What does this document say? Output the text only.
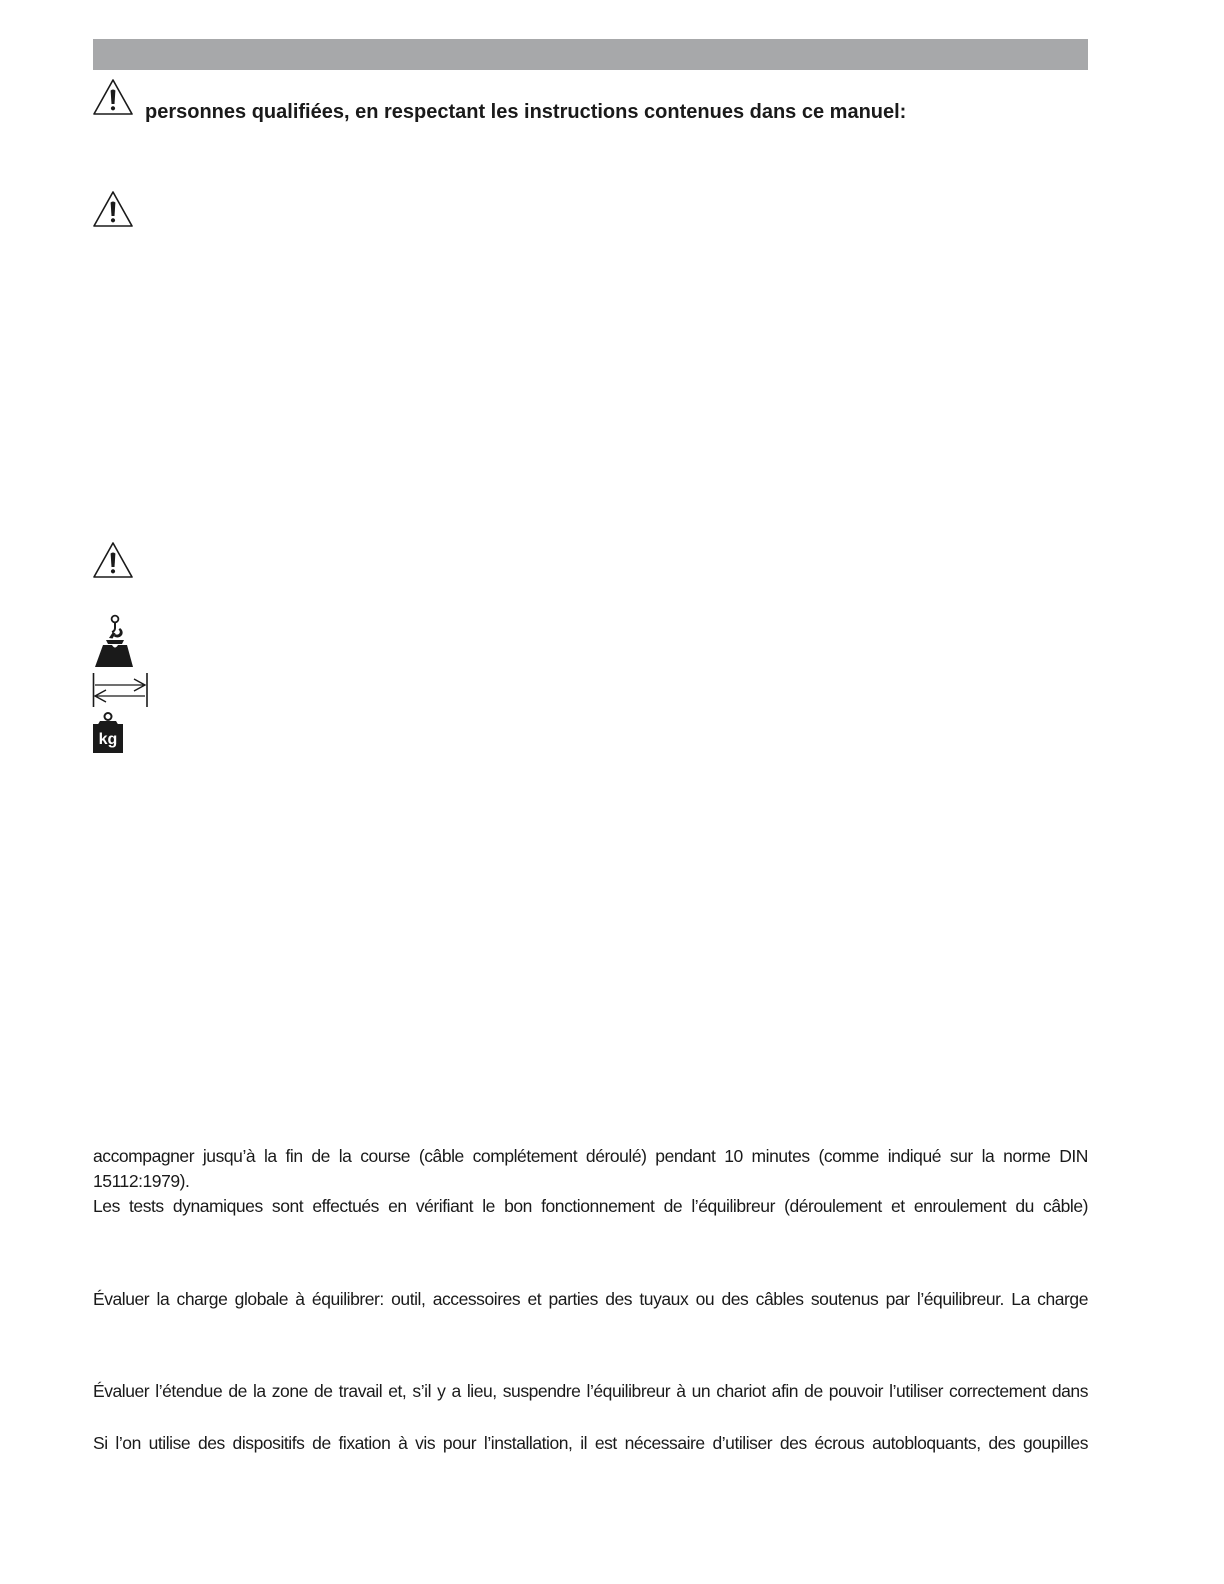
personnes qualifiées, en respectant les instructions contenues dans ce manuel:
kg
accompagner jusqu’à la fin de la course (câble complétement déroulé) pendant 10 minutes (comme indiqué sur la norme DIN
15112:1979).
Les tests dynamiques sont effectués en vérifiant le bon fonctionnement de l’équilibreur (déroulement et enroulement du câble)
Évaluer la charge globale à équilibrer: outil, accessoires et parties des tuyaux ou des câbles soutenus par l’équilibreur. La charge
Évaluer l’étendue de la zone de travail et, s’il y a lieu, suspendre l’équilibreur à un chariot afin de pouvoir l’utiliser correctement dans
Si l’on utilise des dispositifs de fixation à vis pour l’installation, il est nécessaire d’utiliser des écrous autobloquants, des goupilles
